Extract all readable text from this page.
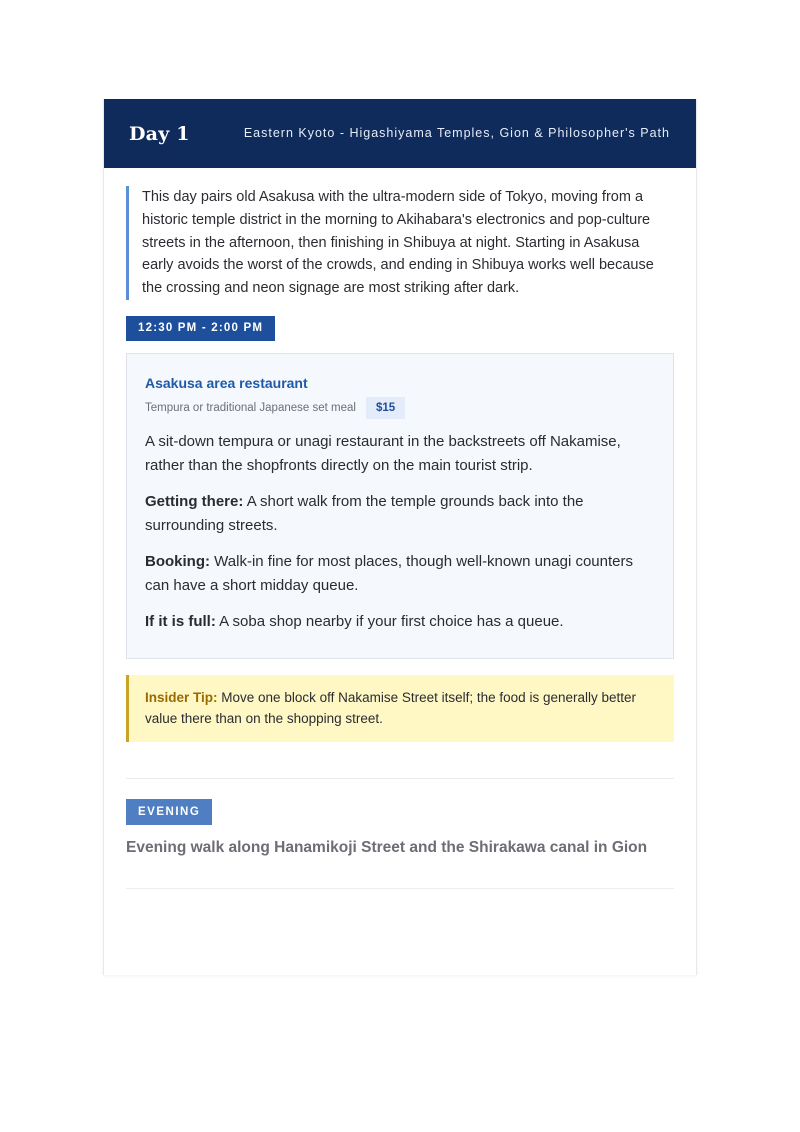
Day 1	Eastern Kyoto - Higashiyama Temples, Gion & Philosopher's Path
This day pairs old Asakusa with the ultra-modern side of Tokyo, moving from a historic temple district in the morning to Akihabara's electronics and pop-culture streets in the afternoon, then finishing in Shibuya at night. Starting in Asakusa early avoids the worst of the crowds, and ending in Shibuya works well because the crossing and neon signage are most striking after dark.
12:30 PM - 2:00 PM
Asakusa area restaurant
Tempura or traditional Japanese set meal	$15

A sit-down tempura or unagi restaurant in the backstreets off Nakamise, rather than the shopfronts directly on the main tourist strip.

Getting there: A short walk from the temple grounds back into the surrounding streets.

Booking: Walk-in fine for most places, though well-known unagi counters can have a short midday queue.

If it is full: A soba shop nearby if your first choice has a queue.

Insider Tip: Move one block off Nakamise Street itself; the food is generally better value there than on the shopping street.
EVENING
Evening walk along Hanamikoji Street and the Shirakawa canal in Gion
